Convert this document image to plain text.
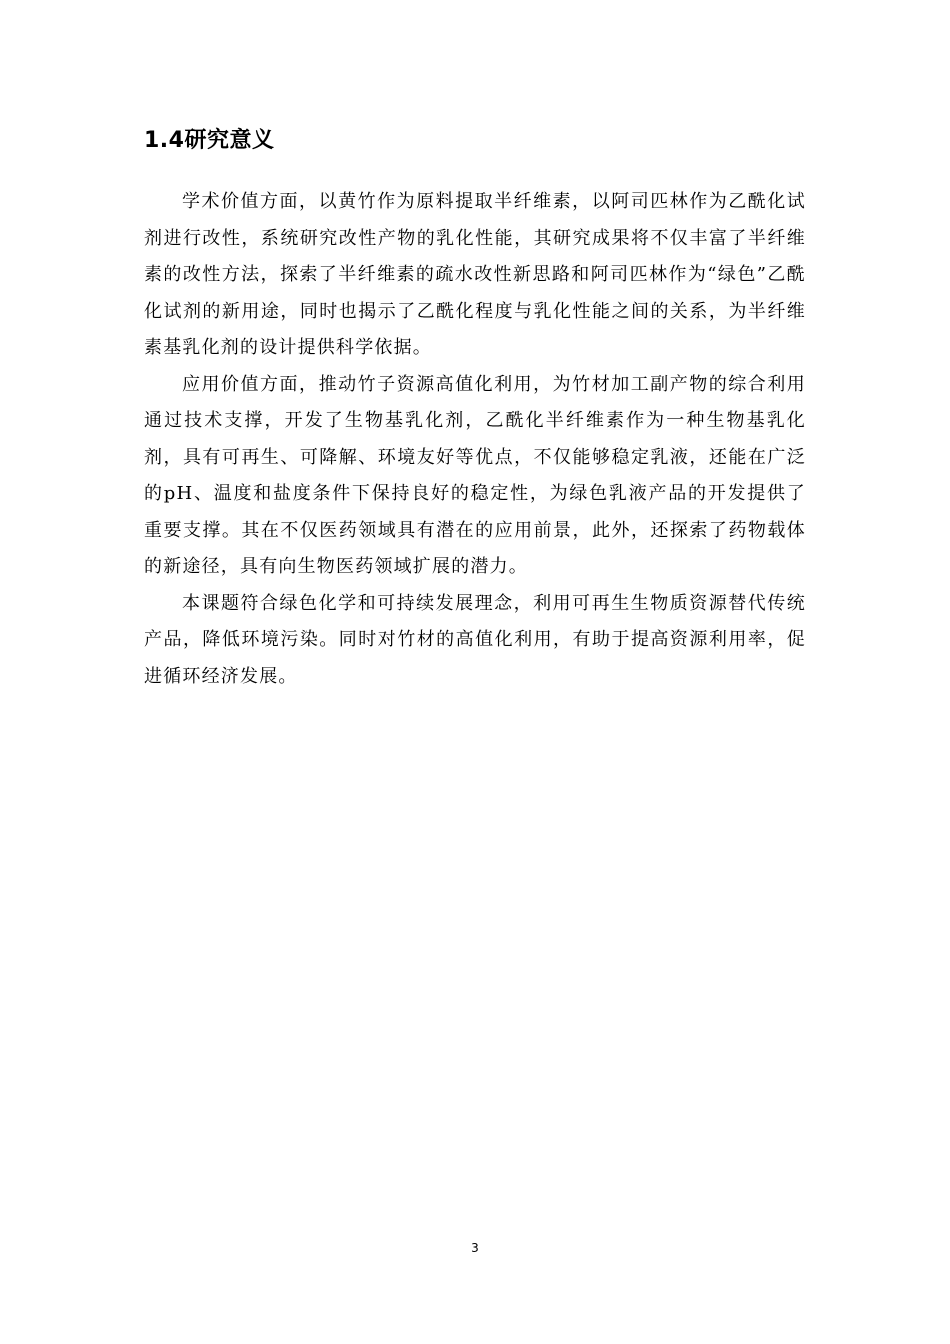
1.4研究意义

学术价值方面，以黄竹作为原料提取半纤维素，以阿司匹林作为乙酰化试剂进行改性，系统研究改性产物的乳化性能，其研究成果将不仅丰富了半纤维素的改性方法，探索了半纤维素的疏水改性新思路和阿司匹林作为“绿色”乙酰化试剂的新用途，同时也揭示了乙酰化程度与乳化性能之间的关系，为半纤维素基乳化剂的设计提供科学依据。

应用价值方面，推动竹子资源高值化利用，为竹材加工副产物的综合利用通过技术支撑，开发了生物基乳化剂，乙酰化半纤维素作为一种生物基乳化剂，具有可再生、可降解、环境友好等优点，不仅能够稳定乳液，还能在广泛的pH、温度和盐度条件下保持良好的稳定性，为绿色乳液产品的开发提供了重要支撑。其在不仅医药领域具有潜在的应用前景，此外，还探索了药物载体的新途径，具有向生物医药领域扩展的潜力。

本课题符合绿色化学和可持续发展理念，利用可再生生物质资源替代传统产品，降低环境污染。同时对竹材的高值化利用，有助于提高资源利用率，促进循环经济发展。

3
